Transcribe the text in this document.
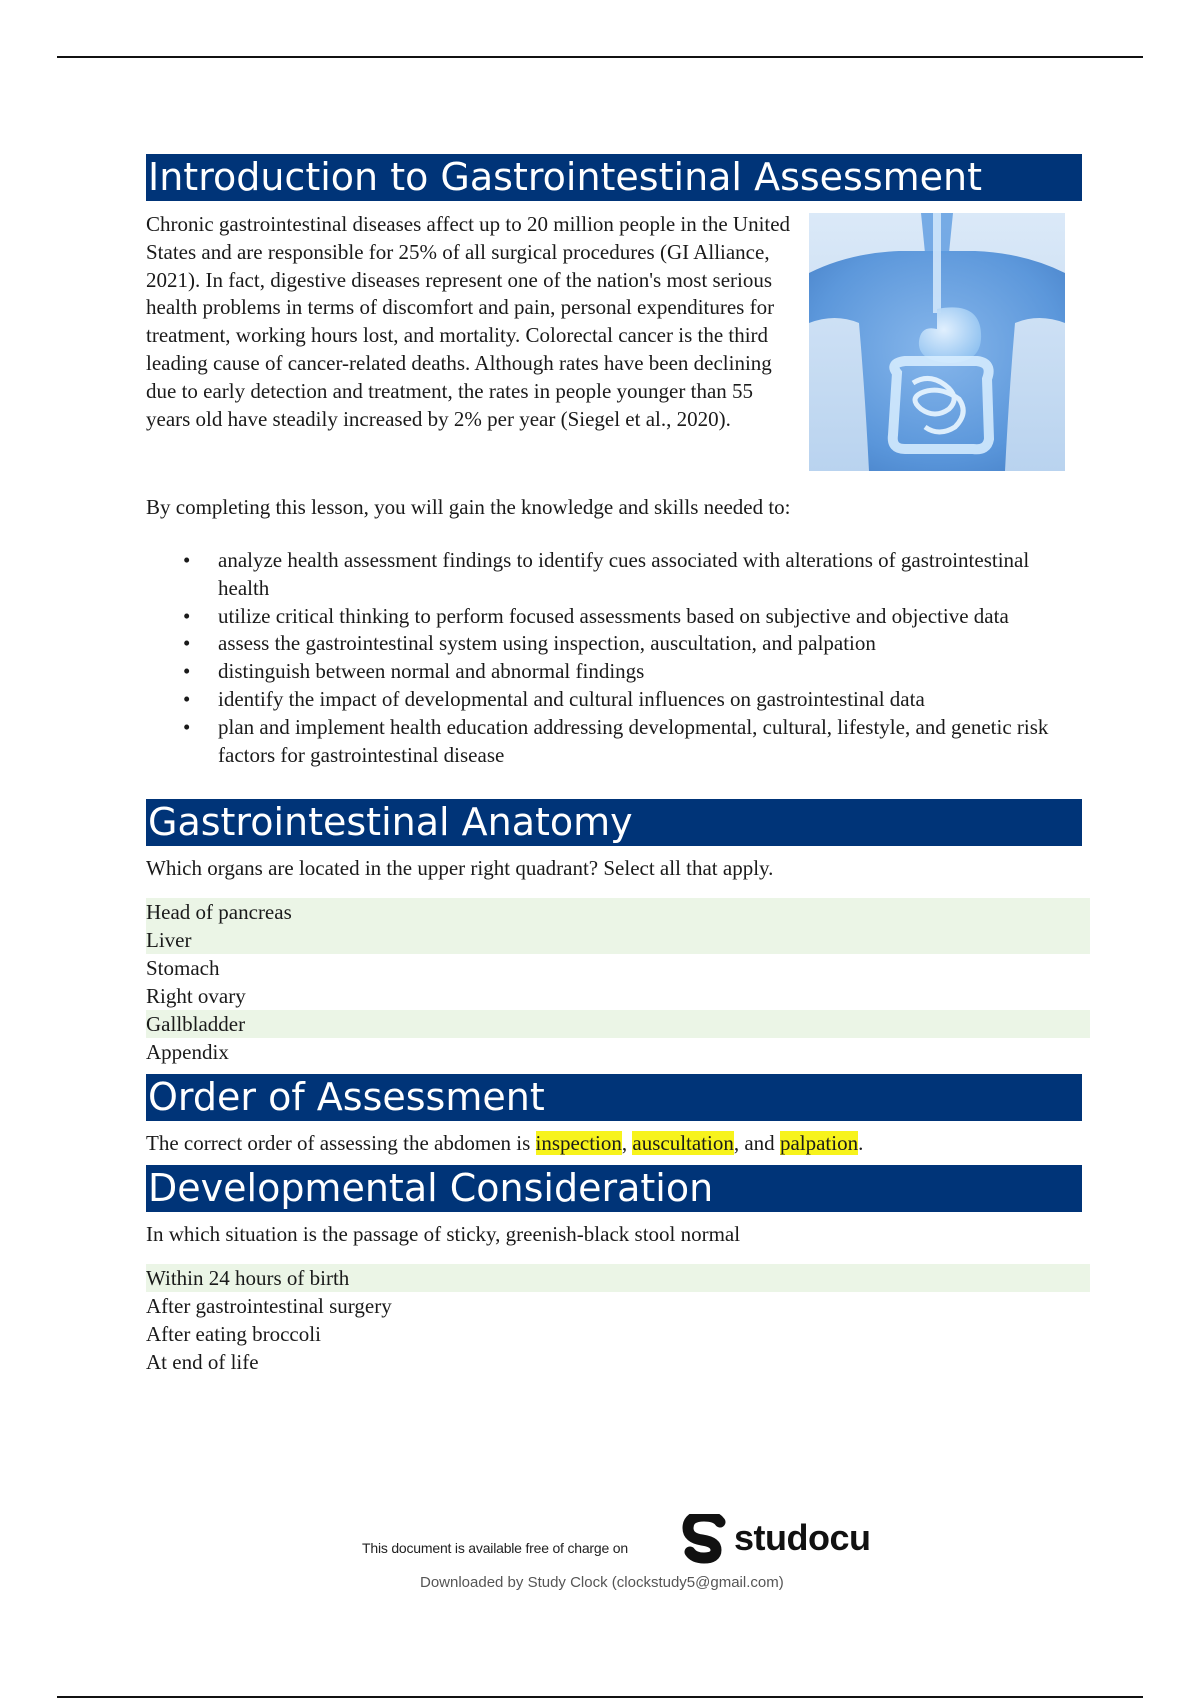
Introduction to Gastrointestinal Assessment

Chronic gastrointestinal diseases affect up to 20 million people in the United States and are responsible for 25% of all surgical procedures (GI Alliance, 2021). In fact, digestive diseases represent one of the nation's most serious health problems in terms of discomfort and pain, personal expenditures for treatment, working hours lost, and mortality. Colorectal cancer is the third leading cause of cancer-related deaths. Although rates have been declining due to early detection and treatment, the rates in people younger than 55 years old have steadily increased by 2% per year (Siegel et al., 2020).

By completing this lesson, you will gain the knowledge and skills needed to:

• analyze health assessment findings to identify cues associated with alterations of gastrointestinal health
• utilize critical thinking to perform focused assessments based on subjective and objective data
• assess the gastrointestinal system using inspection, auscultation, and palpation
• distinguish between normal and abnormal findings
• identify the impact of developmental and cultural influences on gastrointestinal data
• plan and implement health education addressing developmental, cultural, lifestyle, and genetic risk factors for gastrointestinal disease
Gastrointestinal Anatomy

Which organs are located in the upper right quadrant? Select all that apply.

Head of pancreas
Liver
Stomach
Right ovary
Gallbladder
Appendix
Order of Assessment

The correct order of assessing the abdomen is inspection, auscultation, and palpation.

Developmental Consideration

In which situation is the passage of sticky, greenish-black stool normal

Within 24 hours of birth
After gastrointestinal surgery
After eating broccoli
At end of life
This document is available free of charge on	studocu
Downloaded by Study Clock (clockstudy5@gmail.com)
